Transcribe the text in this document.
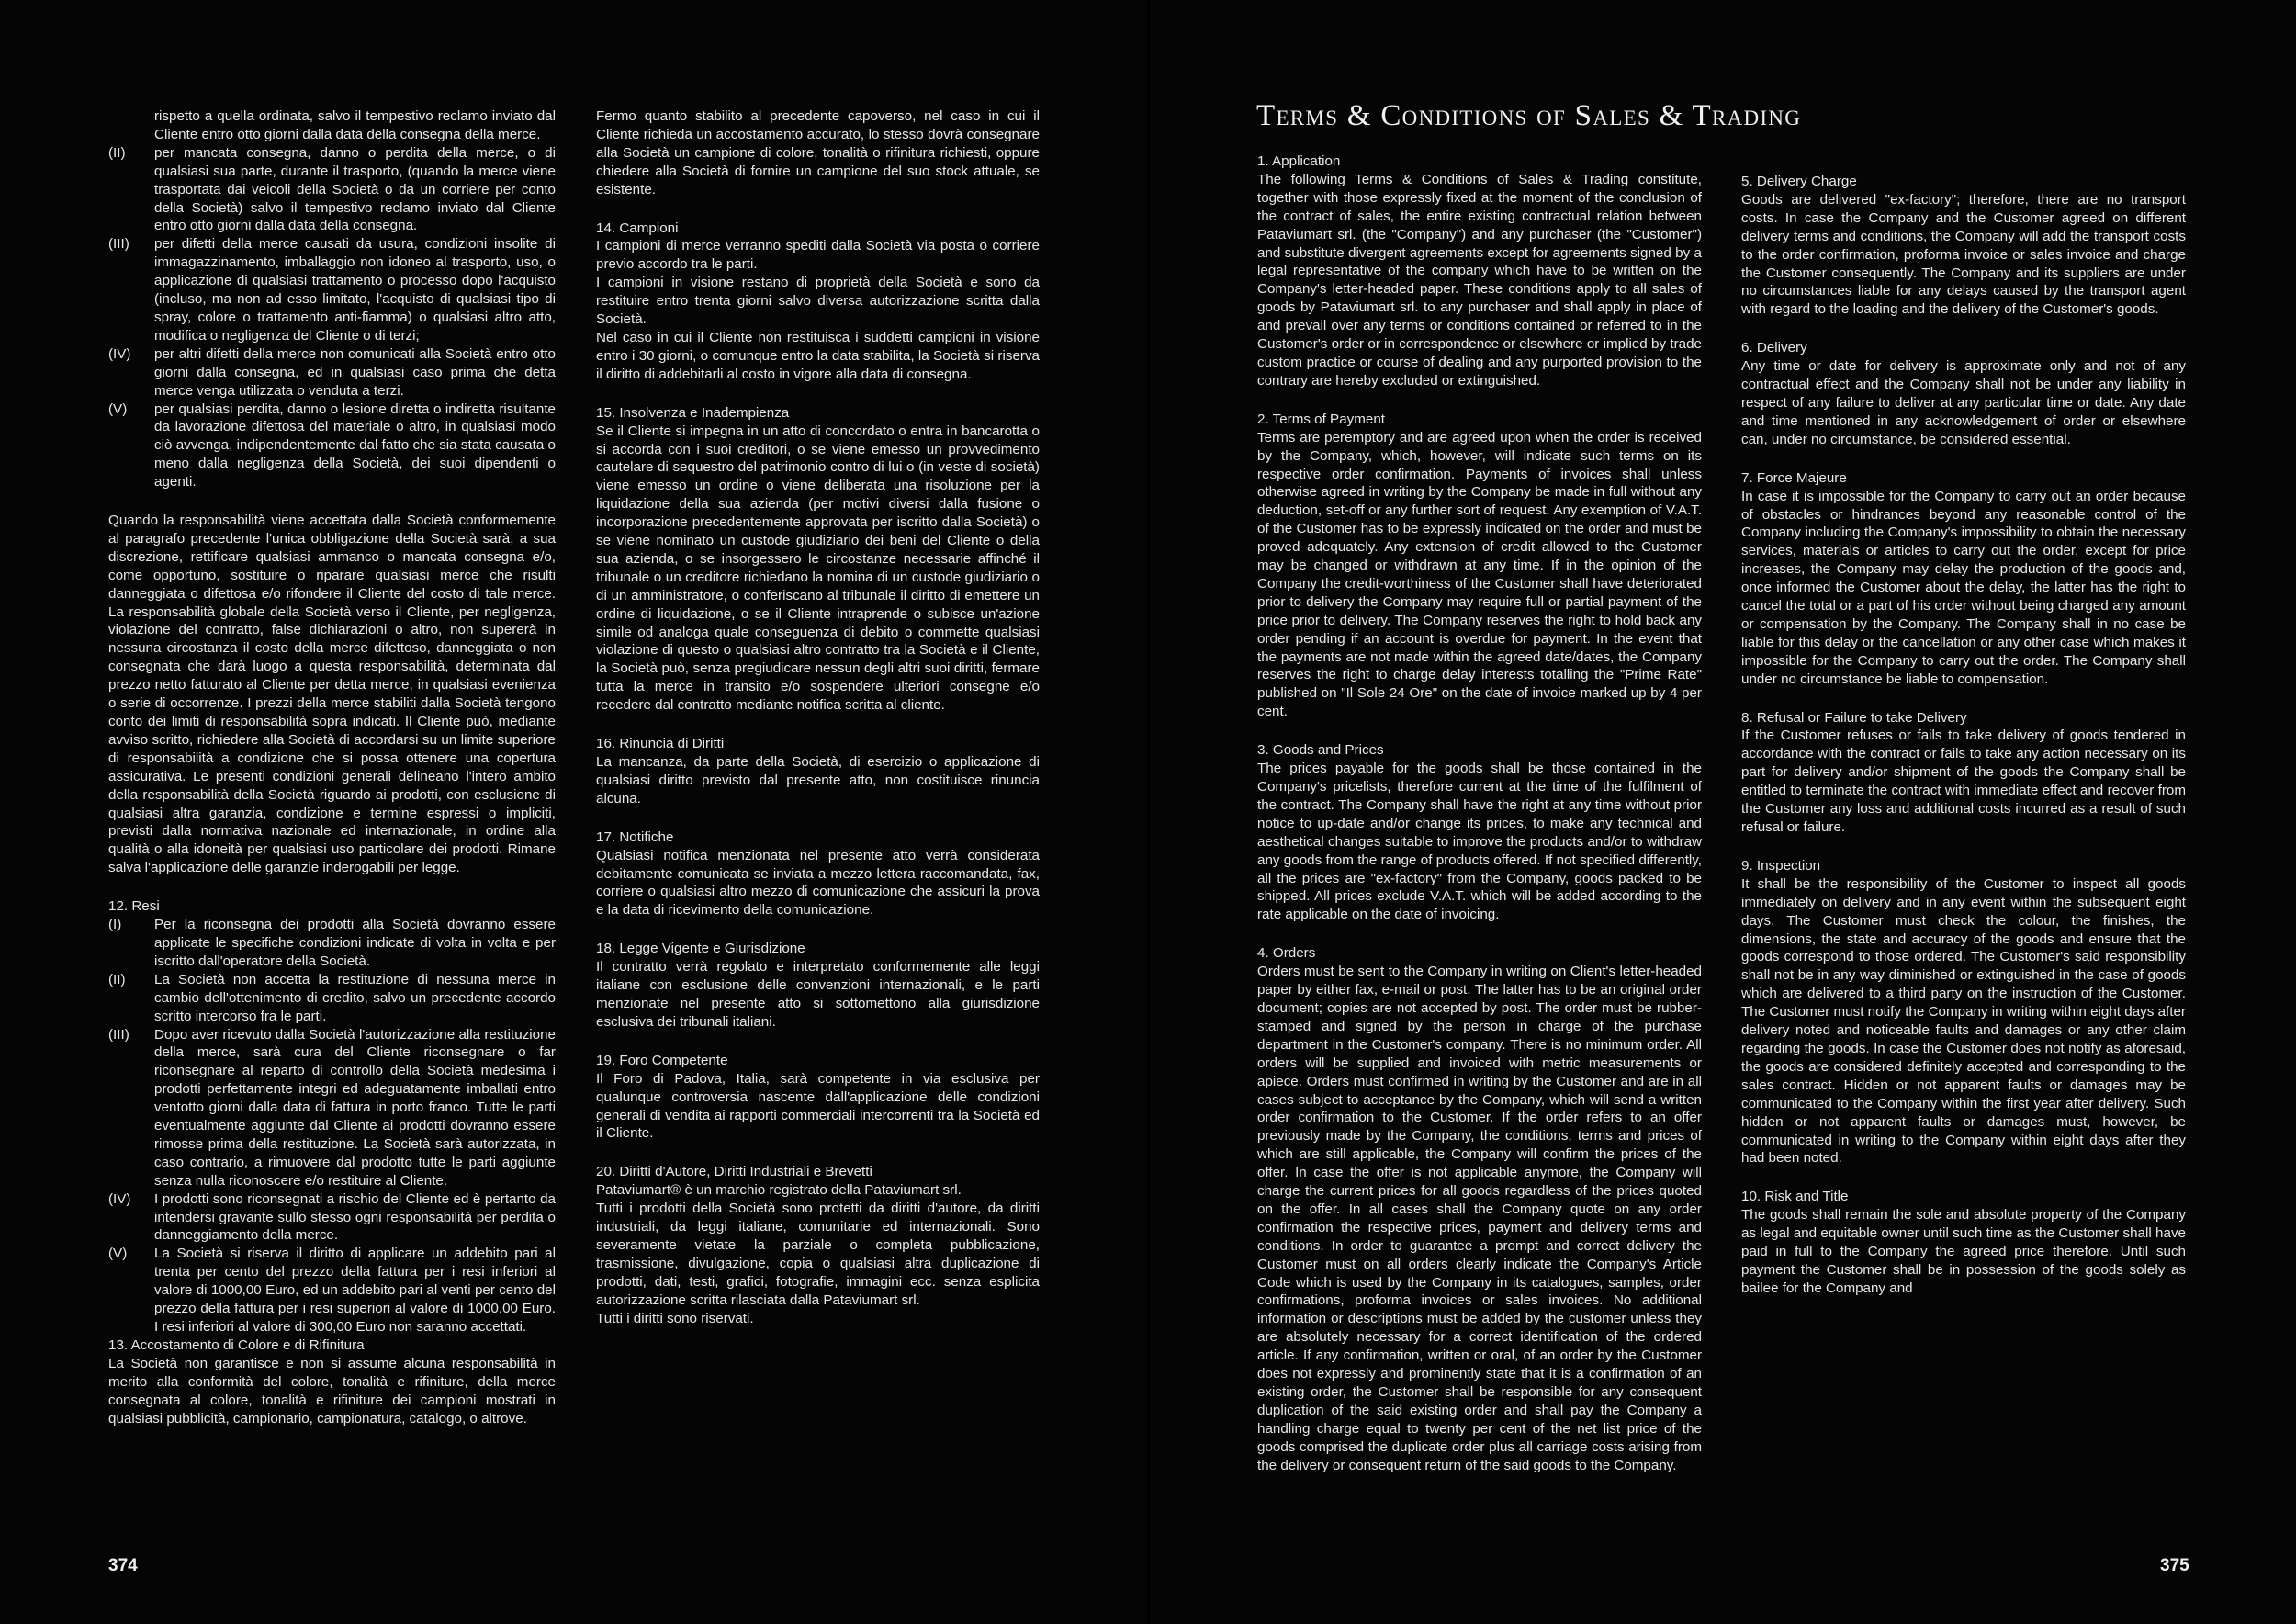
rispetto a quella ordinata, salvo il tempestivo reclamo inviato dal Cliente entro otto giorni dalla data della consegna della merce.

(II)	per mancata consegna, danno o perdita della merce, o di qualsiasi sua parte, durante il trasporto, (quando la merce viene trasportata dai veicoli della Società o da un corriere per conto della Società) salvo il tempestivo reclamo inviato dal Cliente entro otto giorni dalla data della consegna.
(III)	per difetti della merce causati da usura, condizioni insolite di immagazzinamento, imballaggio non idoneo al trasporto, uso, o applicazione di qualsiasi trattamento o processo dopo l'acquisto (incluso, ma non ad esso limitato, l'acquisto di qualsiasi tipo di spray, colore o trattamento anti-fiamma) o qualsiasi altro atto, modifica o negligenza del Cliente o di terzi;
(IV)	per altri difetti della merce non comunicati alla Società entro otto giorni dalla consegna, ed in qualsiasi caso prima che detta merce venga utilizzata o venduta a terzi.
(V)	per qualsiasi perdita, danno o lesione diretta o indiretta risultante da lavorazione difettosa del materiale o altro, in qualsiasi modo ciò avvenga, indipendentemente dal fatto che sia stata causata o meno dalla negligenza della Società, dei suoi dipendenti o agenti.

Quando la responsabilità viene accettata dalla Società conformemente al paragrafo precedente l'unica obbligazione della Società sarà, a sua discrezione, rettificare qualsiasi ammanco o mancata consegna e/o, come opportuno, sostituire o riparare qualsiasi merce che risulti danneggiata o difettosa e/o rifondere il Cliente del costo di tale merce. La responsabilità globale della Società verso il Cliente, per negligenza, violazione del contratto, false dichiarazioni o altro, non supererà in nessuna circostanza il costo della merce difettoso, danneggiata o non consegnata che darà luogo a questa responsabilità, determinata dal prezzo netto fatturato al Cliente per detta merce, in qualsiasi evenienza o serie di occorrenze. I prezzi della merce stabiliti dalla Società tengono conto dei limiti di responsabilità sopra indicati. Il Cliente può, mediante avviso scritto, richiedere alla Società di accordarsi su un limite superiore di responsabilità a condizione che si possa ottenere una copertura assicurativa. Le presenti condizioni generali delineano l'intero ambito della responsabilità della Società riguardo ai prodotti, con esclusione di qualsiasi altra garanzia, condizione e termine espressi o impliciti, previsti dalla normativa nazionale ed internazionale, in ordine alla qualità o alla idoneità per qualsiasi uso particolare dei prodotti. Rimane salva l'applicazione delle garanzie inderogabili per legge.

12. Resi

(I)	Per la riconsegna dei prodotti alla Società dovranno essere applicate le specifiche condizioni indicate di volta in volta e per iscritto dall'operatore della Società.
(II)	La Società non accetta la restituzione di nessuna merce in cambio dell'ottenimento di credito, salvo un precedente accordo scritto intercorso fra le parti.
(III)	Dopo aver ricevuto dalla Società l'autorizzazione alla restituzione della merce, sarà cura del Cliente riconsegnare o far riconsegnare al reparto di controllo della Società medesima i prodotti perfettamente integri ed adeguatamente imballati entro ventotto giorni dalla data di fattura in porto franco. Tutte le parti eventualmente aggiunte dal Cliente ai prodotti dovranno essere rimosse prima della restituzione. La Società sarà autorizzata, in caso contrario, a rimuovere dal prodotto tutte le parti aggiunte senza nulla riconoscere e/o restituire al Cliente.
(IV)	I prodotti sono riconsegnati a rischio del Cliente ed è pertanto da intendersi gravante sullo stesso ogni responsabilità per perdita o danneggiamento della merce.
(V)	La Società si riserva il diritto di applicare un addebito pari al trenta per cento del prezzo della fattura per i resi inferiori al valore di 1000,00 Euro, ed un addebito pari al venti per cento del prezzo della fattura per i resi superiori al valore di 1000,00 Euro. I resi inferiori al valore di 300,00 Euro non saranno accettati.

13. Accostamento di Colore e di Rifinitura

La Società non garantisce e non si assume alcuna responsabilità in merito alla conformità del colore, tonalità e rifiniture, della merce consegnata al colore, tonalità e rifiniture dei campioni mostrati in qualsiasi pubblicità, campionario, campionatura, catalogo, o altrove.

Fermo quanto stabilito al precedente capoverso, nel caso in cui il Cliente richieda un accostamento accurato, lo stesso dovrà consegnare alla Società un campione di colore, tonalità o rifinitura richiesti, oppure chiedere alla Società di fornire un campione del suo stock attuale, se esistente.

14. Campioni

I campioni di merce verranno spediti dalla Società via posta o corriere previo accordo tra le parti.

I campioni in visione restano di proprietà della Società e sono da restituire entro trenta giorni salvo diversa autorizzazione scritta dalla Società.

Nel caso in cui il Cliente non restituisca i suddetti campioni in visione entro i 30 giorni, o comunque entro la data stabilita, la Società si riserva il diritto di addebitarli al costo in vigore alla data di consegna.

15. Insolvenza e Inadempienza

Se il Cliente si impegna in un atto di concordato o entra in bancarotta o si accorda con i suoi creditori, o se viene emesso un provvedimento cautelare di sequestro del patrimonio contro di lui o (in veste di società) viene emesso un ordine o viene deliberata una risoluzione per la liquidazione della sua azienda (per motivi diversi dalla fusione o incorporazione precedentemente approvata per iscritto dalla Società) o se viene nominato un custode giudiziario dei beni del Cliente o della sua azienda, o se insorgessero le circostanze necessarie affinché il tribunale o un creditore richiedano la nomina di un custode giudiziario o di un amministratore, o conferiscano al tribunale il diritto di emettere un ordine di liquidazione, o se il Cliente intraprende o subisce un'azione simile od analoga quale conseguenza di debito o commette qualsiasi violazione di questo o qualsiasi altro contratto tra la Società e il Cliente, la Società può, senza pregiudicare nessun degli altri suoi diritti, fermare tutta la merce in transito e/o sospendere ulteriori consegne e/o recedere dal contratto mediante notifica scritta al cliente.

16. Rinuncia di Diritti

La mancanza, da parte della Società, di esercizio o applicazione di qualsiasi diritto previsto dal presente atto, non costituisce rinuncia alcuna.

17. Notifiche

Qualsiasi notifica menzionata nel presente atto verrà considerata debitamente comunicata se inviata a mezzo lettera raccomandata, fax, corriere o qualsiasi altro mezzo di comunicazione che assicuri la prova e la data di ricevimento della comunicazione.

18. Legge Vigente e Giurisdizione

Il contratto verrà regolato e interpretato conformemente alle leggi italiane con esclusione delle convenzioni internazionali, e le parti menzionate nel presente atto si sottomettono alla giurisdizione esclusiva dei tribunali italiani.

19. Foro Competente

Il Foro di Padova, Italia, sarà competente in via esclusiva per qualunque controversia nascente dall'applicazione delle condizioni generali di vendita ai rapporti commerciali intercorrenti tra la Società ed il Cliente.

20. Diritti d'Autore, Diritti Industriali e Brevetti

Pataviumart® è un marchio registrato della Pataviumart srl.

Tutti i prodotti della Società sono protetti da diritti d'autore, da diritti industriali, da leggi italiane, comunitarie ed internazionali. Sono severamente vietate la parziale o completa pubblicazione, trasmissione, divulgazione, copia o qualsiasi altra duplicazione di prodotti, dati, testi, grafici, fotografie, immagini ecc. senza esplicita autorizzazione scritta rilasciata dalla Pataviumart srl.

Tutti i diritti sono riservati.

374
Terms & Conditions of Sales & Trading

1. Application

The following Terms & Conditions of Sales & Trading constitute, together with those expressly fixed at the moment of the conclusion of the contract of sales, the entire existing contractual relation between Pataviumart srl. (the "Company") and any purchaser (the "Customer") and substitute divergent agreements except for agreements signed by a legal representative of the company which have to be written on the Company's letter-headed paper. These conditions apply to all sales of goods by Pataviumart srl. to any purchaser and shall apply in place of and prevail over any terms or conditions contained or referred to in the Customer's order or in correspondence or elsewhere or implied by trade custom practice or course of dealing and any purported provision to the contrary are hereby excluded or extinguished.

2. Terms of Payment

Terms are peremptory and are agreed upon when the order is received by the Company, which, however, will indicate such terms on its respective order confirmation. Payments of invoices shall unless otherwise agreed in writing by the Company be made in full without any deduction, set-off or any further sort of request. Any exemption of V.A.T. of the Customer has to be expressly indicated on the order and must be proved adequately. Any extension of credit allowed to the Customer may be changed or withdrawn at any time. If in the opinion of the Company the credit-worthiness of the Customer shall have deteriorated prior to delivery the Company may require full or partial payment of the price prior to delivery. The Company reserves the right to hold back any order pending if an account is overdue for payment. In the event that the payments are not made within the agreed date/dates, the Company reserves the right to charge delay interests totalling the "Prime Rate" published on "Il Sole 24 Ore" on the date of invoice marked up by 4 per cent.

3. Goods and Prices

The prices payable for the goods shall be those contained in the Company's pricelists, therefore current at the time of the fulfilment of the contract. The Company shall have the right at any time without prior notice to up-date and/or change its prices, to make any technical and aesthetical changes suitable to improve the products and/or to withdraw any goods from the range of products offered. If not specified differently, all the prices are "ex-factory" from the Company, goods packed to be shipped. All prices exclude V.A.T. which will be added according to the rate applicable on the date of invoicing.

4. Orders

Orders must be sent to the Company in writing on Client's letter-headed paper by either fax, e-mail or post. The latter has to be an original order document; copies are not accepted by post. The order must be rubber-stamped and signed by the person in charge of the purchase department in the Customer's company. There is no minimum order. All orders will be supplied and invoiced with metric measurements or apiece. Orders must confirmed in writing by the Customer and are in all cases subject to acceptance by the Company, which will send a written order confirmation to the Customer. If the order refers to an offer previously made by the Company, the conditions, terms and prices of which are still applicable, the Company will confirm the prices of the offer. In case the offer is not applicable anymore, the Company will charge the current prices for all goods regardless of the prices quoted on the offer. In all cases shall the Company quote on any order confirmation the respective prices, payment and delivery terms and conditions. In order to guarantee a prompt and correct delivery the Customer must on all orders clearly indicate the Company's Article Code which is used by the Company in its catalogues, samples, order confirmations, proforma invoices or sales invoices. No additional information or descriptions must be added by the customer unless they are absolutely necessary for a correct identification of the ordered article. If any confirmation, written or oral, of an order by the Customer does not expressly and prominently state that it is a confirmation of an existing order, the Customer shall be responsible for any consequent duplication of the said existing order and shall pay the Company a handling charge equal to twenty per cent of the net list price of the goods comprised the duplicate order plus all carriage costs arising from the delivery or consequent return of the said goods to the Company.

5. Delivery Charge

Goods are delivered "ex-factory"; therefore, there are no transport costs. In case the Company and the Customer agreed on different delivery terms and conditions, the Company will add the transport costs to the order confirmation, proforma invoice or sales invoice and charge the Customer consequently. The Company and its suppliers are under no circumstances liable for any delays caused by the transport agent with regard to the loading and the delivery of the Customer's goods.

6. Delivery

Any time or date for delivery is approximate only and not of any contractual effect and the Company shall not be under any liability in respect of any failure to deliver at any particular time or date. Any date and time mentioned in any acknowledgement of order or elsewhere can, under no circumstance, be considered essential.

7. Force Majeure

In case it is impossible for the Company to carry out an order because of obstacles or hindrances beyond any reasonable control of the Company including the Company's impossibility to obtain the necessary services, materials or articles to carry out the order, except for price increases, the Company may delay the production of the goods and, once informed the Customer about the delay, the latter has the right to cancel the total or a part of his order without being charged any amount or compensation by the Company. The Company shall in no case be liable for this delay or the cancellation or any other case which makes it impossible for the Company to carry out the order. The Company shall under no circumstance be liable to compensation.

8. Refusal or Failure to take Delivery

If the Customer refuses or fails to take delivery of goods tendered in accordance with the contract or fails to take any action necessary on its part for delivery and/or shipment of the goods the Company shall be entitled to terminate the contract with immediate effect and recover from the Customer any loss and additional costs incurred as a result of such refusal or failure.

9. Inspection

It shall be the responsibility of the Customer to inspect all goods immediately on delivery and in any event within the subsequent eight days. The Customer must check the colour, the finishes, the dimensions, the state and accuracy of the goods and ensure that the goods correspond to those ordered. The Customer's said responsibility shall not be in any way diminished or extinguished in the case of goods which are delivered to a third party on the instruction of the Customer. The Customer must notify the Company in writing within eight days after delivery noted and noticeable faults and damages or any other claim regarding the goods. In case the Customer does not notify as aforesaid, the goods are considered definitely accepted and corresponding to the sales contract. Hidden or not apparent faults or damages may be communicated to the Company within the first year after delivery. Such hidden or not apparent faults or damages must, however, be communicated in writing to the Company within eight days after they had been noted.

10. Risk and Title

The goods shall remain the sole and absolute property of the Company as legal and equitable owner until such time as the Customer shall have paid in full to the Company the agreed price therefore. Until such payment the Customer shall be in possession of the goods solely as bailee for the Company and

375
